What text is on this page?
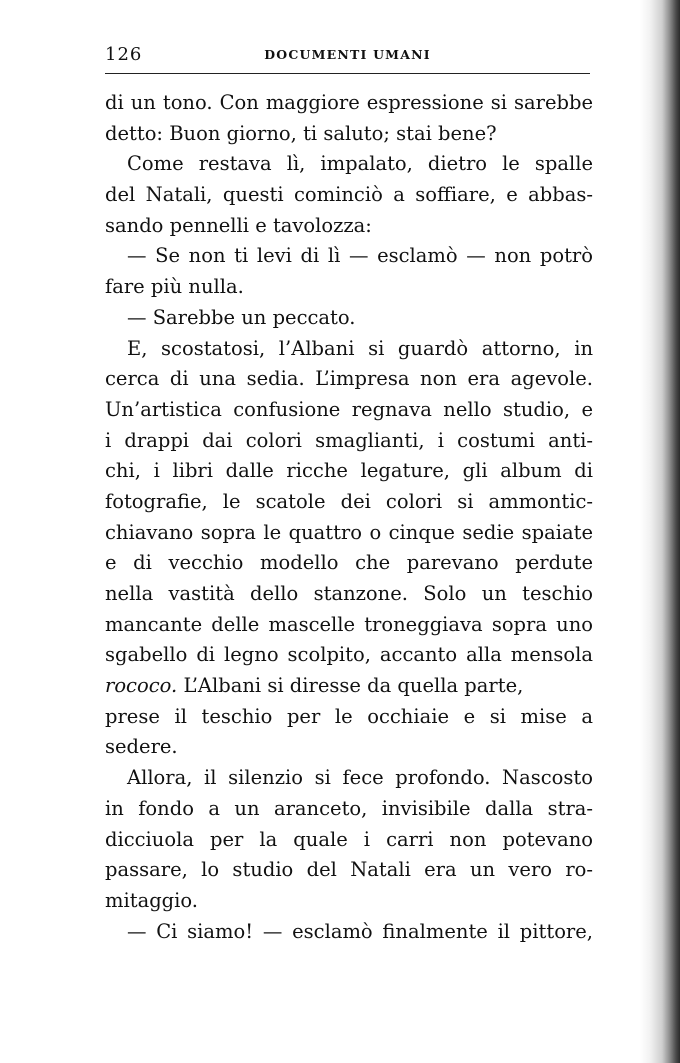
126	DOCUMENTI UMANI
di un tono. Con maggiore espressione si sarebbe
detto: Buon giorno, ti saluto; stai bene?
Come restava lì, impalato, dietro le spalle
del Natali, questi cominciò a soffiare, e abbas-
sando pennelli e tavolozza:
— Se non ti levi di lì — esclamò — non potrò
fare più nulla.
— Sarebbe un peccato.
E, scostatosi, l’Albani si guardò attorno, in
cerca di una sedia. L’impresa non era agevole.
Un’artistica confusione regnava nello studio, e
i drappi dai colori smaglianti, i costumi anti-
chi, i libri dalle ricche legature, gli album di
fotografie, le scatole dei colori si ammontic-
chiavano sopra le quattro o cinque sedie spaiate
e di vecchio modello che parevano perdute
nella vastità dello stanzone. Solo un teschio
mancante delle mascelle troneggiava sopra uno
sgabello di legno scolpito, accanto alla mensola
rococo. L’Albani si diresse da quella parte,
prese il teschio per le occhiaie e si mise a
sedere.
Allora, il silenzio si fece profondo. Nascosto
in fondo a un aranceto, invisibile dalla stra-
dicciuola per la quale i carri non potevano
passare, lo studio del Natali era un vero ro-
mitaggio.
— Ci siamo! — esclamò finalmente il pittore,
